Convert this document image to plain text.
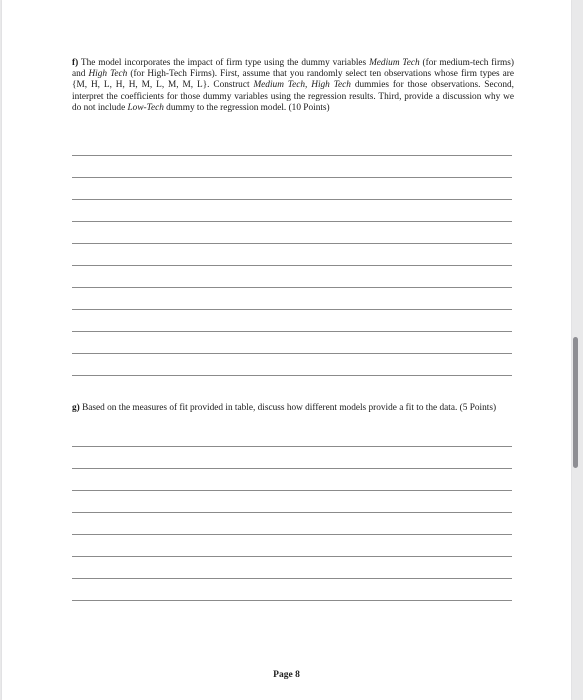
f) The model incorporates the impact of firm type using the dummy variables Medium Tech (for medium-tech firms) and High Tech (for High-Tech Firms). First, assume that you randomly select ten observations whose firm types are {M, H, L, H, H, M, L, M, M, L}. Construct Medium Tech, High Tech dummies for those observations. Second, interpret the coefficients for those dummy variables using the regression results. Third, provide a discussion why we do not include Low-Tech dummy to the regression model. (10 Points)
g) Based on the measures of fit provided in table, discuss how different models provide a fit to the data. (5 Points)
Page 8
